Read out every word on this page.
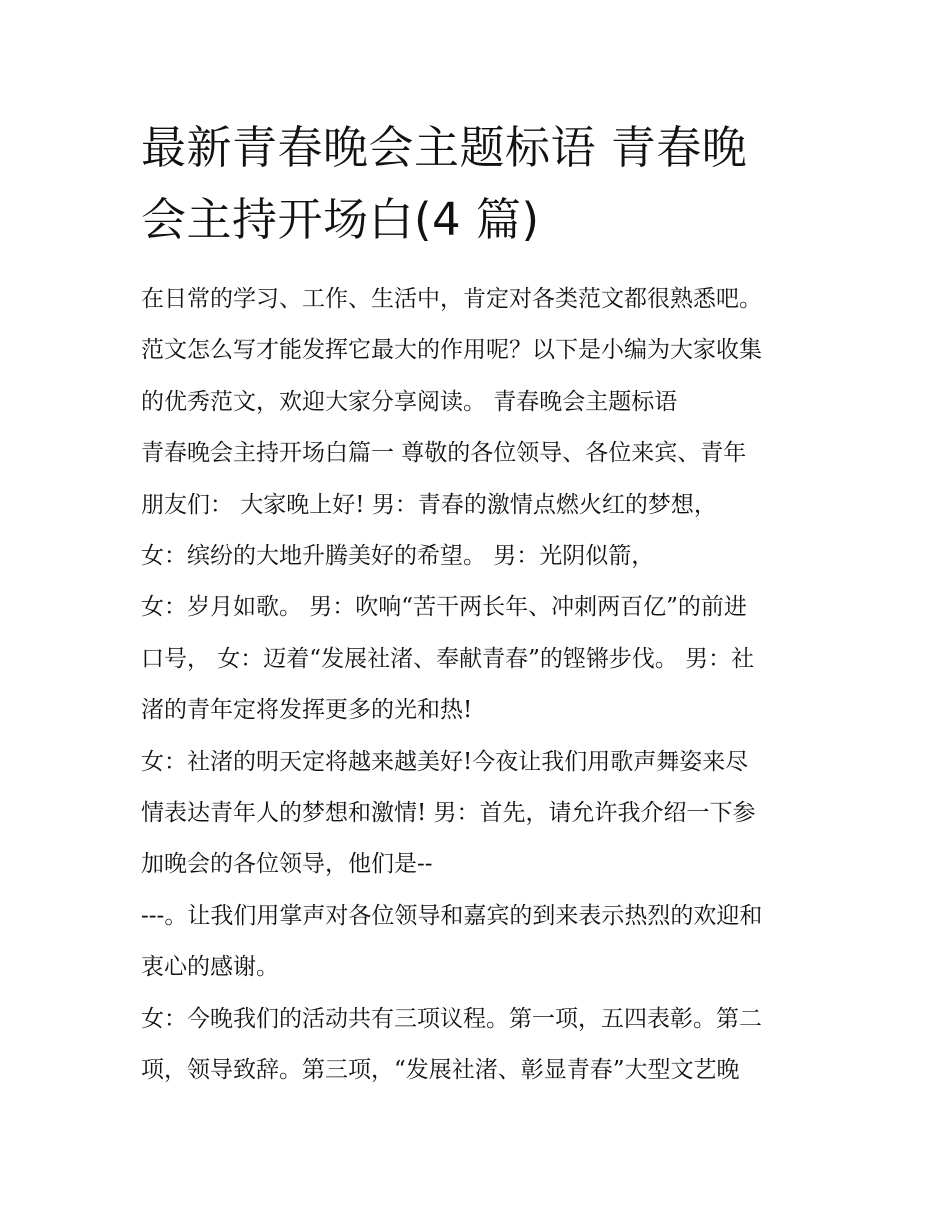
最新青春晚会主题标语 青春晚
会主持开场白(4 篇)
在日常的学习、工作、生活中，肯定对各类范文都很熟悉吧。
范文怎么写才能发挥它最大的作用呢？以下是小编为大家收集
的优秀范文，欢迎大家分享阅读。 青春晚会主题标语
青春晚会主持开场白篇一 尊敬的各位领导、各位来宾、青年
朋友们： 大家晚上好! 男：青春的激情点燃火红的梦想，
女：缤纷的大地升腾美好的希望。 男：光阴似箭，
女：岁月如歌。 男：吹响“苦干两长年、冲刺两百亿”的前进
口号， 女：迈着“发展社渚、奉献青春”的铿锵步伐。 男：社
渚的青年定将发挥更多的光和热!
女：社渚的明天定将越来越美好!今夜让我们用歌声舞姿来尽
情表达青年人的梦想和激情! 男：首先，请允许我介绍一下参
加晚会的各位领导，他们是--
---。让我们用掌声对各位领导和嘉宾的到来表示热烈的欢迎和
衷心的感谢。
女：今晚我们的活动共有三项议程。第一项，五四表彰。第二
项，领导致辞。第三项，“发展社渚、彰显青春”大型文艺晚
